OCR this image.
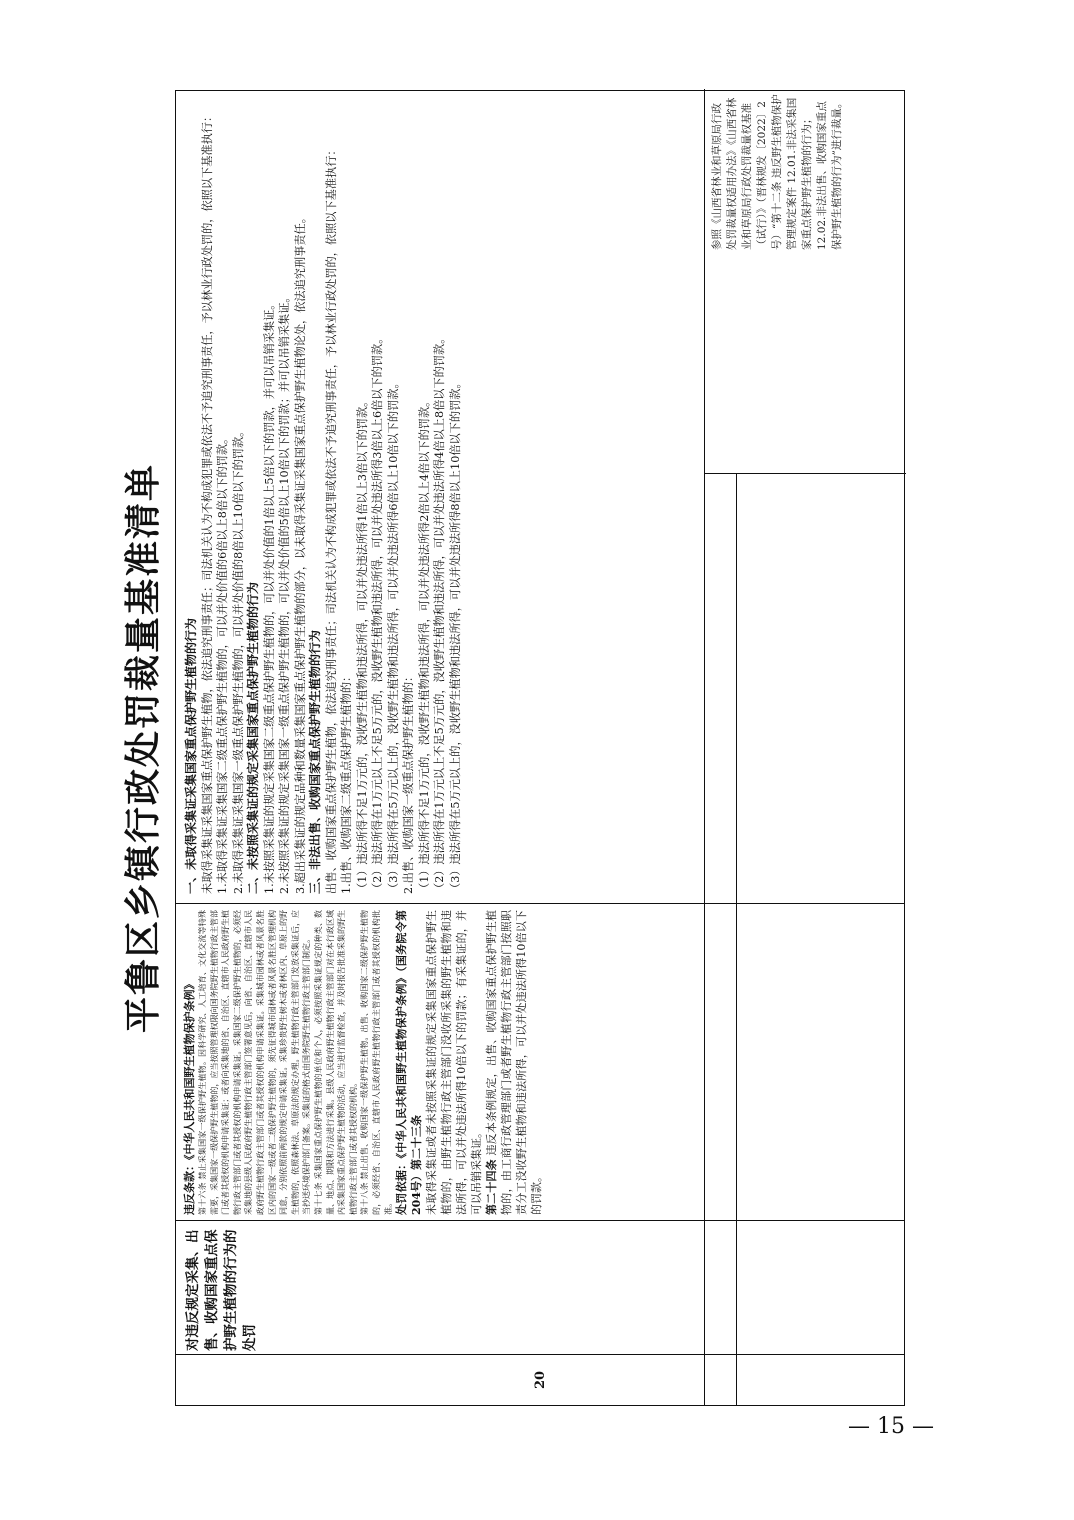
平鲁区乡镇行政处罚裁量基准清单
20
对违反规定采集、出售、收购国家重点保护野生植物的行为的处罚

违反条款：《中华人民共和国野生植物保护条例》 第十六条 禁止采集国家一级保护野生植物。因科学研究、人工培育、文化交流等特殊需要，采集国家一级保护野生植物的，应当按照管理权限向国务院野生植物行政主管部门或者其授权的机构申请采集证；或者向采集地的省、自治区、直辖市人民政府野生植物行政主管部门或者其授权的机构申请采集证。采集国家二级保护野生植物的，必须经采集地的县级人民政府野生植物行政主管部门签署意见后，向省、自治区、直辖市人民政府野生植物行政主管部门或者其授权的机构申请采集证。采集城市园林或者风景名胜区内的国家一级或者二级保护野生植物的，须先征得城市园林或者风景名胜区管理机构同意，分别依照前两款的规定申请采集证。采集珍贵野生树木或者林区内、草原上的野生植物的，依照森林法、草原法的规定办理。野生植物行政主管部门发放采集证后，应当抄送环境保护部门备案。采集证的格式由国务院野生植物行政主管部门制定。 第十七条 采集国家重点保护野生植物的单位和个人，必须按照采集证规定的种类、数量、地点、期限和方法进行采集。县级人民政府野生植物行政主管部门对在本行政区域内采集国家重点保护野生植物的活动，应当进行监督检查，并及时报告批准采集的野生植物行政主管部门或者其授权的机构。 第十八条 禁止出售、收购国家一级保护野生植物。出售、收购国家二级保护野生植物的，必须经省、自治区、直辖市人民政府野生植物行政主管部门或者其授权的机构批准。 处罚依据：《中华人民共和国野生植物保护条例》（国务院令第204号）第二十三条 未取得采集证或者未按照采集证的规定采集国家重点保护野生植物的，由野生植物行政主管部门没收所采集的野生植物和违法所得，可以并处违法所得10倍以下的罚款；有采集证的，并可以吊销采集证。 第二十四条 违反本条例规定，出售、收购国家重点保护野生植物的，由工商行政管理部门或者野生植物行政主管部门按照职责分工没收野生植物和违法所得，可以并处违法所得10倍以下的罚款。

一、未取得采集证采集国家重点保护野生植物的行为 未取得采集证采集国家重点保护野生植物，依法追究刑事责任；司法机关认为不构成犯罪或依法不予追究刑事责任，予以林业行政处罚的，依照以下基准执行： 1.未取得采集证采集国家二级重点保护野生植物的，可以并处价值的6倍以上8倍以下的罚款。 2.未取得采集证采集国家一级重点保护野生植物的，可以并处价值的8倍以上10倍以下的罚款。 二、未按照采集证的规定采集国家重点保护野生植物的行为 1.未按照采集证的规定采集国家二级重点保护野生植物的，可以并处价值的1倍以上5倍以下的罚款，并可以吊销采集证。 2.未按照采集证的规定采集国家一级重点保护野生植物的，可以并处价值的5倍以上10倍以下的罚款；并可以吊销采集证。 3.超出采集证的规定品种和数量采集国家重点保护野生植物的部分，以未取得采集证采集国家重点保护野生植物论处，依法追究刑事责任。 三、非法出售、收购国家重点保护野生植物的行为 出售、收购国家重点保护野生植物，依法追究刑事责任；司法机关认为不构成犯罪或依法不予追究刑事责任，予以林业行政处罚的，依照以下基准执行： 1.出售、收购国家二级重点保护野生植物的： （1）违法所得不足1万元的，没收野生植物和违法所得，可以并处违法所得1倍以上3倍以下的罚款。 （2）违法所得在1万元以上不足5万元的，没收野生植物和违法所得，可以并处违法所得3倍以上6倍以下的罚款。 （3）违法所得在5万元以上的，没收野生植物和违法所得，可以并处违法所得6倍以上10倍以下的罚款。 2.出售、收购国家一级重点保护野生植物的： （1）违法所得不足1万元的，没收野生植物和违法所得，可以并处违法所得2倍以上4倍以下的罚款。 （2）违法所得在1万元以上不足5万元的，没收野生植物和违法所得，可以并处违法所得4倍以上8倍以下的罚款。 （3）违法所得在5万元以上的，没收野生植物和违法所得，可以并处违法所得8倍以上10倍以下的罚款。

参照《山西省林业和草原局行政处罚裁量权适用办法》《山西省林业和草原局行政处罚裁量权基准（试行）》（晋林规发〔2022〕2号）“第十二条 违反野生植物保护管理规定案件 12.01.非法采集国家重点保护野生植物的行为；12.02.非法出售、收购国家重点保护野生植物的行为”进行裁量。
— 15 —
